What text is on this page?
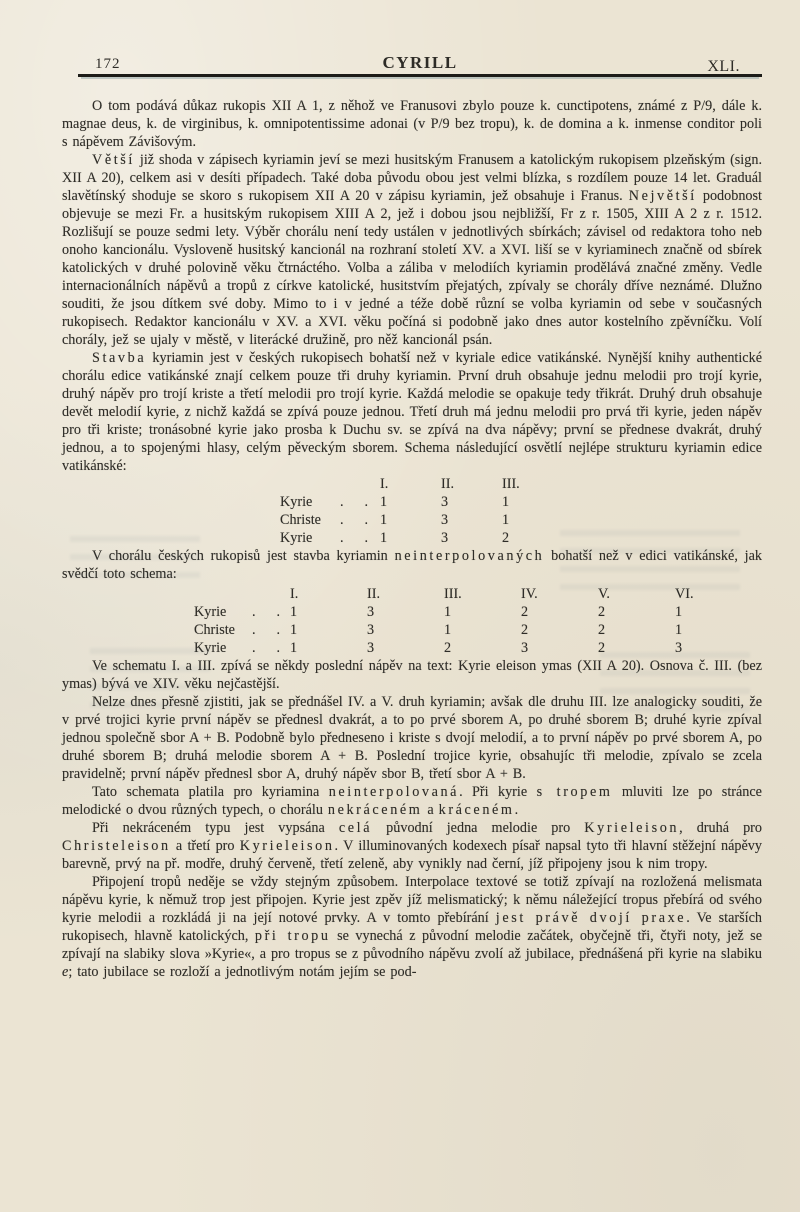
172	CYRILL	XLI.

O tom podává důkaz rukopis XII A 1, z něhož ve Franusovi zbylo pouze k. cunctipotens, známé z P/9, dále k. magnae deus, k. de virginibus, k. omnipotentissime adonai (v P/9 bez tropu), k. de domina a k. inmense conditor poli s nápěvem Závišovým.

Větší již shoda v zápisech kyriamin jeví se mezi husitským Franusem a katolickým rukopisem plzeňským (sign. XII A 20), celkem asi v desíti případech. Také doba původu obou jest velmi blízka, s rozdílem pouze 14 let. Graduál slavětínský shoduje se skoro s rukopisem XII A 20 v zápisu kyriamin, jež obsahuje i Franus. Největší podobnost objevuje se mezi Fr. a husitským rukopisem XIII A 2, jež i dobou jsou nejbližší, Fr z r. 1505, XIII A 2 z r. 1512. Rozlišují se pouze sedmi lety. Výběr chorálu není tedy ustálen v jednotlivých sbírkách; závisel od redaktora toho neb onoho kancionálu. Vysloveně husitský kancionál na rozhraní století XV. a XVI. liší se v kyriaminech značně od sbírek katolických v druhé polovině věku čtrnáctého. Volba a záliba v melodiích kyriamin prodělává značné změny. Vedle internacionálních nápěvů a tropů z církve katolické, husitstvím přejatých, zpívaly se chorály dříve neznámé. Dlužno souditi, že jsou dítkem své doby. Mimo to i v jedné a téže době různí se volba kyriamin od sebe v současných rukopisech. Redaktor kancionálu v XV. a XVI. věku počíná si podobně jako dnes autor kostelního zpěvníčku. Volí chorály, jež se ujaly v městě, v literácké družině, pro něž kancionál psán.

Stavba kyriamin jest v českých rukopisech bohatší než v kyriale edice vatikánské. Nynější knihy authentické chorálu edice vatikánské znají celkem pouze tři druhy kyriamin. První druh obsahuje jednu melodii pro trojí kyrie, druhý nápěv pro trojí kriste a třetí melodii pro trojí kyrie. Každá melodie se opakuje tedy třikrát. Druhý druh obsahuje devět melodií kyrie, z nichž každá se zpívá pouze jednou. Třetí druh má jednu melodii pro prvá tři kyrie, jeden nápěv pro tři kriste; tronásobné kyrie jako prosba k Duchu sv. se zpívá na dva nápěvy; první se přednese dvakrát, druhý jednou, a to spojenými hlasy, celým pěveckým sborem. Schema následující osvětlí nejlépe strukturu kyriamin edice vatikánské:

		I.	II.	III.
Kyrie	. .	1	3	1
Christe	. .	1	3	1
Kyrie	. .	1	3	2

V chorálu českých rukopisů jest stavba kyriamin neinterpolovaných bohatší než v edici vatikánské, jak svědčí toto schema:

		I.	II.	III.	IV.	V.	VI.
Kyrie	. .	1	3	1	2	2	1
Christe	. .	1	3	1	2	2	1
Kyrie	. .	1	3	2	3	2	3

Ve schematu I. a III. zpívá se někdy poslední nápěv na text: Kyrie eleison ymas (XII A 20). Osnova č. III. (bez ymas) bývá ve XIV. věku nejčastější.

Nelze dnes přesně zjistiti, jak se přednášel IV. a V. druh kyriamin; avšak dle druhu III. lze analogicky souditi, že v prvé trojici kyrie první nápěv se přednesl dvakrát, a to po prvé sborem A, po druhé sborem B; druhé kyrie zpíval jednou společně sbor A + B. Podobně bylo předneseno i kriste s dvojí melodií, a to první nápěv po prvé sborem A, po druhé sborem B; druhá melodie sborem A + B. Poslední trojice kyrie, obsahujíc tři melodie, zpívalo se zcela pravidelně; první nápěv přednesl sbor A, druhý nápěv sbor B, třetí sbor A + B.

Tato schemata platila pro kyriamina neinterpolovaná. Při kyrie s tropem mluviti lze po stránce melodické o dvou různých typech, o chorálu nekráceném a kráceném.

Při nekráceném typu jest vypsána celá původní jedna melodie pro Kyrieleison, druhá pro Christeleison a třetí pro Kyrieleison. V illuminovaných kodexech písař napsal tyto tři hlavní stěžejní nápěvy barevně, prvý na př. modře, druhý červeně, třetí zeleně, aby vynikly nad černí, jíž připojeny jsou k nim tropy.

Připojení tropů neděje se vždy stejným způsobem. Interpolace textové se totiž zpívají na rozložená melismata nápěvu kyrie, k němuž trop jest připojen. Kyrie jest zpěv jíž melismatický; k němu náležející tropus přebírá od svého kyrie melodii a rozkládá ji na její notové prvky. A v tomto přebírání jest právě dvojí praxe. Ve starších rukopisech, hlavně katolických, při tropu se vynechá z původní melodie začátek, obyčejně tři, čtyři noty, jež se zpívají na slabiky slova »Kyrie«, a pro tropus se z původního nápěvu zvolí až jubilace, přednášená při kyrie na slabiku e; tato jubilace se rozloží a jednotlivým notám jejím se pod-
